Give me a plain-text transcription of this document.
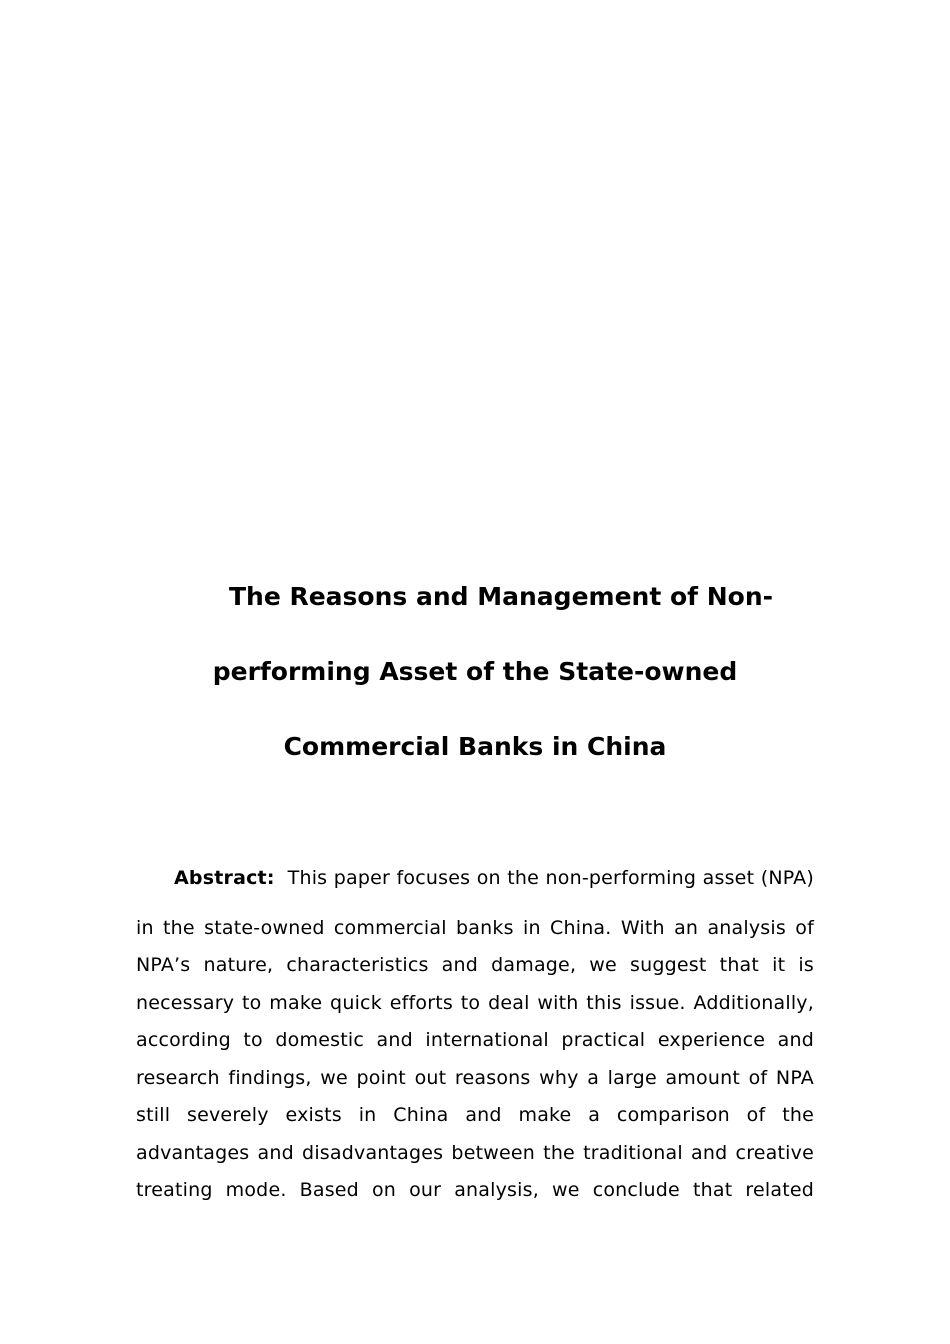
The Reasons and Management of Non-
performing Asset of the State-owned
Commercial Banks in China
Abstract: This paper focuses on the non-performing asset (NPA)
in the state-owned commercial banks in China. With an analysis of
NPA’s nature, characteristics and damage, we suggest that it is
necessary to make quick efforts to deal with this issue. Additionally,
according to domestic and international practical experience and
research findings, we point out reasons why a large amount of NPA
still severely exists in China and make a comparison of the
advantages and disadvantages between the traditional and creative
treating mode. Based on our analysis, we conclude that related
